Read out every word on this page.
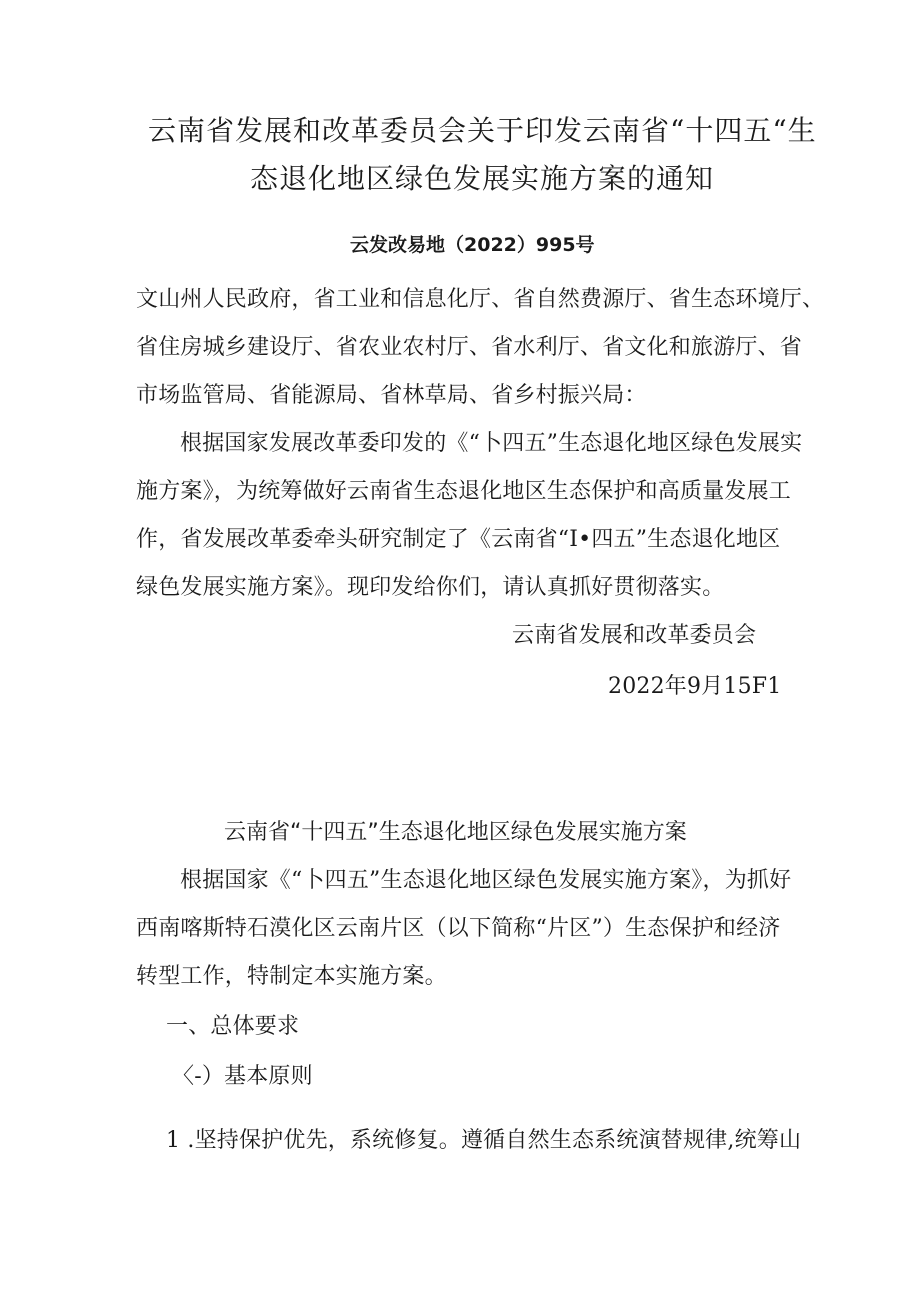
云南省发展和改革委员会关于印发云南省“十四五“生
态退化地区绿色发展实施方案的通知
云发改易地（2022）995号
文山州人民政府，省工业和信息化厅、省自然费源厅、省生态环境厅、
省住房城乡建设厅、省农业农村厅、省水利厅、省文化和旅游厅、省
市场监管局、省能源局、省林草局、省乡村振兴局：
根据国家发展改革委印发的《“卜四五”生态退化地区绿色发展实
施方案》，为统筹做好云南省生态退化地区生态保护和高质量发展工
作，省发展改革委牵头研究制定了《云南省“I•四五”生态退化地区
绿色发展实施方案》。现印发给你们，请认真抓好贯彻落实。
云南省发展和改革委员会
2022年9月15F1
云南省“十四五”生态退化地区绿色发展实施方案
根据国家《“卜四五”生态退化地区绿色发展实施方案》，为抓好
西南喀斯特石漠化区云南片区（以下简称“片区”）生态保护和经济
转型工作，特制定本实施方案。
一、总体要求
〈-）基本原则
1 .坚持保护优先，系统修复。遵循自然生态系统演替规律,统筹山
